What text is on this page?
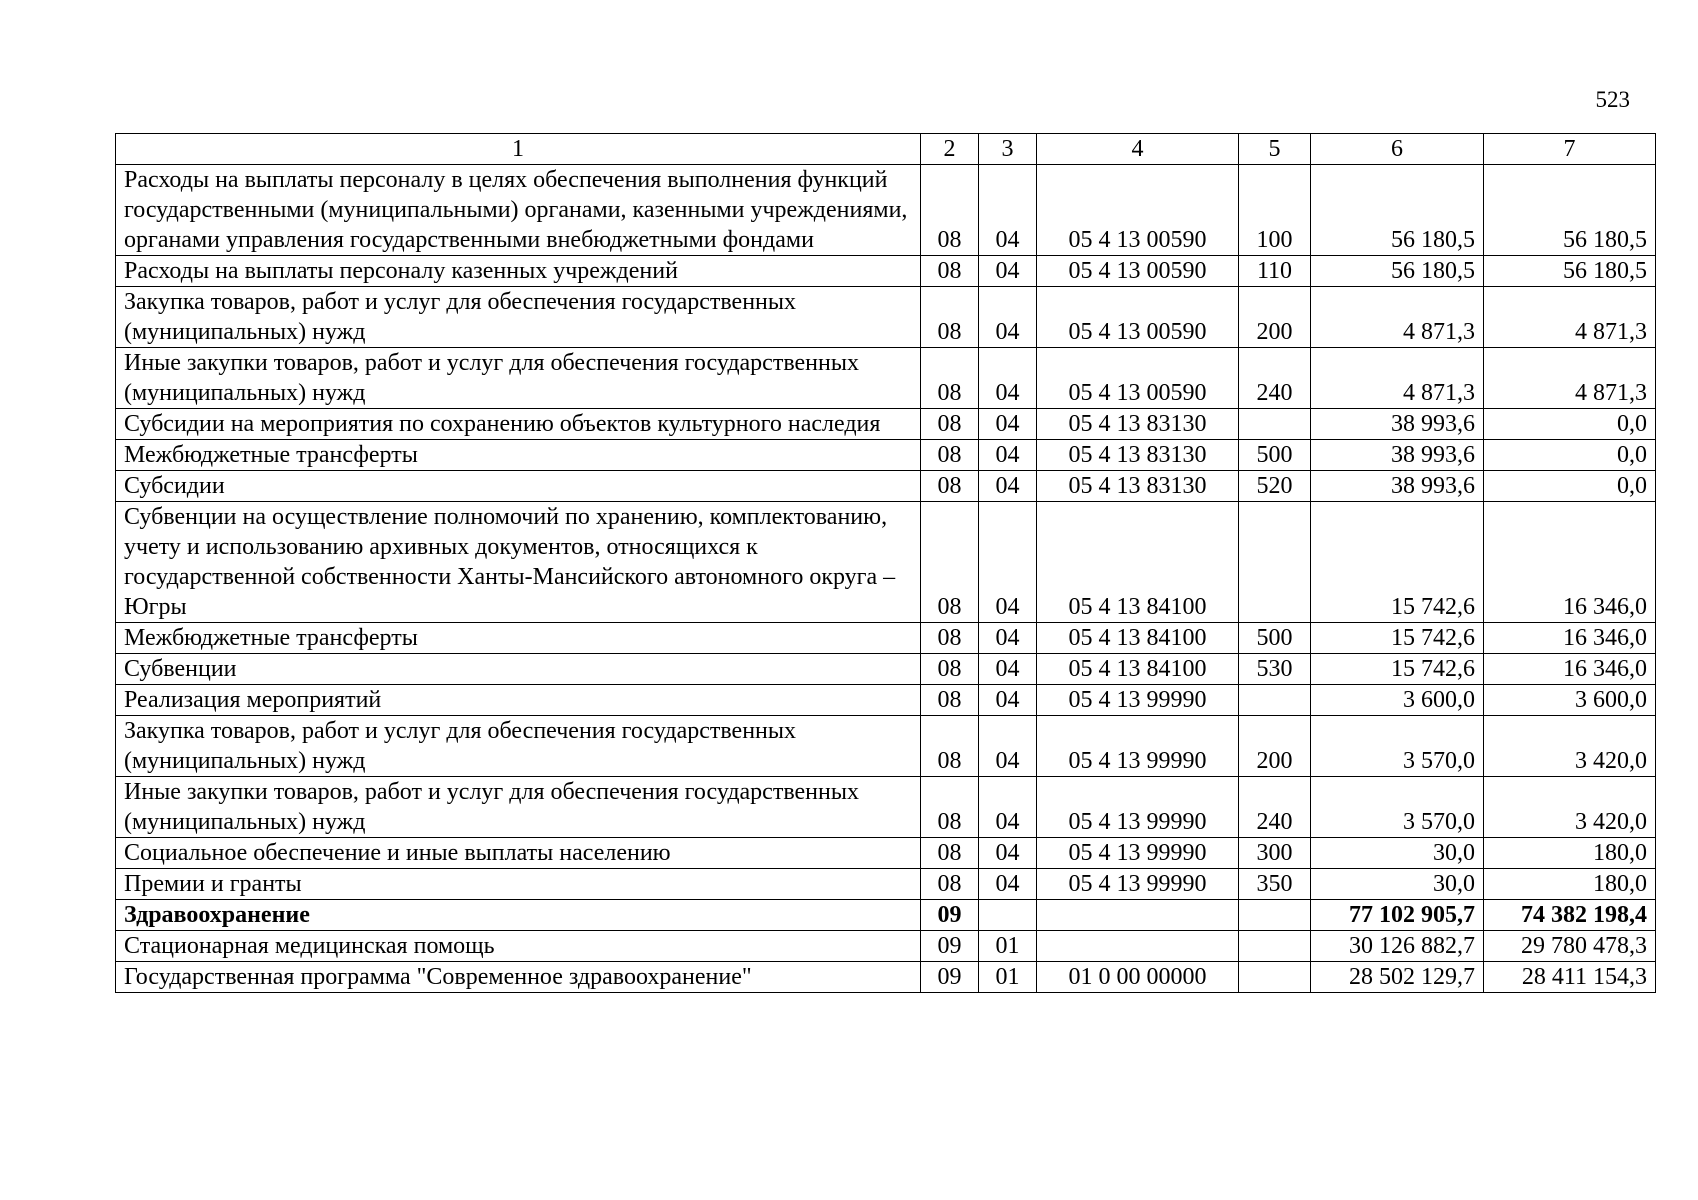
523
1	2	3	4	5	6	7
Расходы на выплаты персоналу в целях обеспечения выполнения функций государственными (муниципальными) органами, казенными учреждениями, органами управления государственными внебюджетными фондами	08	04	05 4 13 00590	100	56 180,5	56 180,5
Расходы на выплаты персоналу казенных учреждений	08	04	05 4 13 00590	110	56 180,5	56 180,5
Закупка товаров, работ и услуг для обеспечения государственных (муниципальных) нужд	08	04	05 4 13 00590	200	4 871,3	4 871,3
Иные закупки товаров, работ и услуг для обеспечения государственных (муниципальных) нужд	08	04	05 4 13 00590	240	4 871,3	4 871,3
Субсидии на мероприятия по сохранению объектов культурного наследия	08	04	05 4 13 83130		38 993,6	0,0
Межбюджетные трансферты	08	04	05 4 13 83130	500	38 993,6	0,0
Субсидии	08	04	05 4 13 83130	520	38 993,6	0,0
Субвенции на осуществление полномочий по хранению, комплектованию, учету и использованию архивных документов, относящихся к государственной собственности Ханты-Мансийского автономного округа – Югры	08	04	05 4 13 84100		15 742,6	16 346,0
Межбюджетные трансферты	08	04	05 4 13 84100	500	15 742,6	16 346,0
Субвенции	08	04	05 4 13 84100	530	15 742,6	16 346,0
Реализация мероприятий	08	04	05 4 13 99990		3 600,0	3 600,0
Закупка товаров, работ и услуг для обеспечения государственных (муниципальных) нужд	08	04	05 4 13 99990	200	3 570,0	3 420,0
Иные закупки товаров, работ и услуг для обеспечения государственных (муниципальных) нужд	08	04	05 4 13 99990	240	3 570,0	3 420,0
Социальное обеспечение и иные выплаты населению	08	04	05 4 13 99990	300	30,0	180,0
Премии и гранты	08	04	05 4 13 99990	350	30,0	180,0
Здравоохранение	09				77 102 905,7	74 382 198,4
Стационарная медицинская помощь	09	01			30 126 882,7	29 780 478,3
Государственная программа "Современное здравоохранение"	09	01	01 0 00 00000		28 502 129,7	28 411 154,3
